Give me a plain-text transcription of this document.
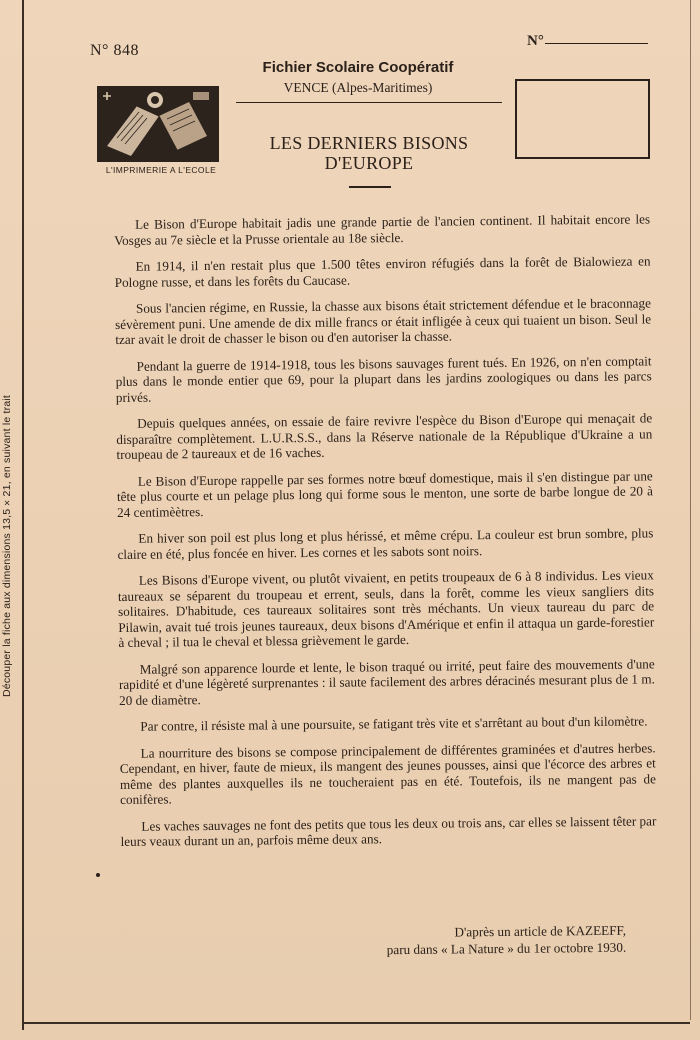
Découper la fiche aux dimensions 13,5×21, en suivant le trait
N° 848
L'IMPRIMERIE A L'ECOLE
Fichier Scolaire Coopératif
VENCE (Alpes-Maritimes)
LES DERNIERS BISONS
D'EUROPE
N°

Le Bison d'Europe habitait jadis une grande partie de l'ancien continent. Il habitait encore les Vosges au 7e siècle et la Prusse orientale au 18e siècle.

En 1914, il n'en restait plus que 1.500 têtes environ réfugiés dans la forêt de Bialowieza en Pologne russe, et dans les forêts du Caucase.

Sous l'ancien régime, en Russie, la chasse aux bisons était strictement défendue et le braconnage sévèrement puni. Une amende de dix mille francs or était infligée à ceux qui tuaient un bison. Seul le tzar avait le droit de chasser le bison ou d'en autoriser la chasse.

Pendant la guerre de 1914-1918, tous les bisons sauvages furent tués. En 1926, on n'en comptait plus dans le monde entier que 69, pour la plupart dans les jardins zoologiques ou dans les parcs privés.

Depuis quelques années, on essaie de faire revivre l'espèce du Bison d'Europe qui menaçait de disparaître complètement. L.U.R.S.S., dans la Réserve nationale de la République d'Ukraine a un troupeau de 2 taureaux et de 16 vaches.

Le Bison d'Europe rappelle par ses formes notre bœuf domestique, mais il s'en distingue par une tête plus courte et un pelage plus long qui forme sous le menton, une sorte de barbe longue de 20 à 24 centimèètres.

En hiver son poil est plus long et plus hérissé, et même crépu. La couleur est brun sombre, plus claire en été, plus foncée en hiver. Les cornes et les sabots sont noirs.

Les Bisons d'Europe vivent, ou plutôt vivaient, en petits troupeaux de 6 à 8 individus. Les vieux taureaux se séparent du troupeau et errent, seuls, dans la forêt, comme les vieux sangliers dits solitaires. D'habitude, ces taureaux solitaires sont très méchants. Un vieux taureau du parc de Pilawin, avait tué trois jeunes taureaux, deux bisons d'Amérique et enfin il attaqua un garde-forestier à cheval ; il tua le cheval et blessa grièvement le garde.

Malgré son apparence lourde et lente, le bison traqué ou irrité, peut faire des mouvements d'une rapidité et d'une légèreté surprenantes : il saute facilement des arbres déracinés mesurant plus de 1 m. 20 de diamètre.

Par contre, il résiste mal à une poursuite, se fatigant très vite et s'arrêtant au bout d'un kilomètre.

La nourriture des bisons se compose principalement de différentes graminées et d'autres herbes. Cependant, en hiver, faute de mieux, ils mangent des jeunes pousses, ainsi que l'écorce des arbres et même des plantes auxquelles ils ne toucheraient pas en été. Toutefois, ils ne mangent pas de conifères.

Les vaches sauvages ne font des petits que tous les deux ou trois ans, car elles se laissent têter par leurs veaux durant un an, parfois même deux ans.

D'après un article de KAZEEFF,
paru dans « La Nature » du 1er octobre 1930.
